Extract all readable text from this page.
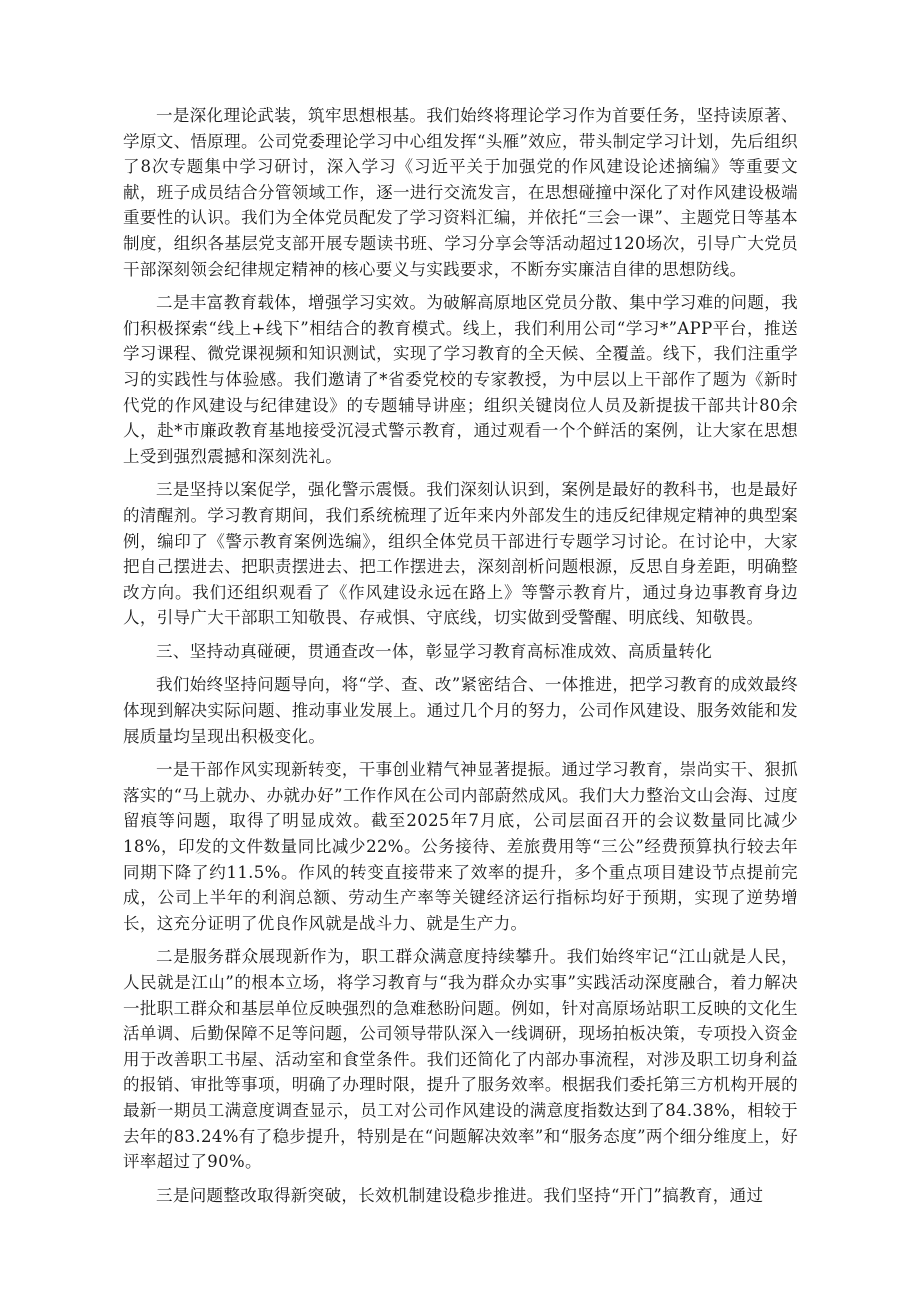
一是深化理论武装，筑牢思想根基。我们始终将理论学习作为首要任务，坚持读原著、学原文、悟原理。公司党委理论学习中心组发挥“头雁”效应，带头制定学习计划，先后组织了8次专题集中学习研讨，深入学习《习近平关于加强党的作风建设论述摘编》等重要文献，班子成员结合分管领域工作，逐一进行交流发言，在思想碰撞中深化了对作风建设极端重要性的认识。我们为全体党员配发了学习资料汇编，并依托“三会一课”、主题党日等基本制度，组织各基层党支部开展专题读书班、学习分享会等活动超过120场次，引导广大党员干部深刻领会纪律规定精神的核心要义与实践要求，不断夯实廉洁自律的思想防线。

二是丰富教育载体，增强学习实效。为破解高原地区党员分散、集中学习难的问题，我们积极探索“线上+线下”相结合的教育模式。线上，我们利用公司“学习*”APP平台，推送学习课程、微党课视频和知识测试，实现了学习教育的全天候、全覆盖。线下，我们注重学习的实践性与体验感。我们邀请了*省委党校的专家教授，为中层以上干部作了题为《新时代党的作风建设与纪律建设》的专题辅导讲座；组织关键岗位人员及新提拔干部共计80余人，赴*市廉政教育基地接受沉浸式警示教育，通过观看一个个鲜活的案例，让大家在思想上受到强烈震撼和深刻洗礼。

三是坚持以案促学，强化警示震慑。我们深刻认识到，案例是最好的教科书，也是最好的清醒剂。学习教育期间，我们系统梳理了近年来内外部发生的违反纪律规定精神的典型案例，编印了《警示教育案例选编》，组织全体党员干部进行专题学习讨论。在讨论中，大家把自己摆进去、把职责摆进去、把工作摆进去，深刻剖析问题根源，反思自身差距，明确整改方向。我们还组织观看了《作风建设永远在路上》等警示教育片，通过身边事教育身边人，引导广大干部职工知敬畏、存戒惧、守底线，切实做到受警醒、明底线、知敬畏。

三、坚持动真碰硬，贯通查改一体，彰显学习教育高标准成效、高质量转化

我们始终坚持问题导向，将“学、查、改”紧密结合、一体推进，把学习教育的成效最终体现到解决实际问题、推动事业发展上。通过几个月的努力，公司作风建设、服务效能和发展质量均呈现出积极变化。

一是干部作风实现新转变，干事创业精气神显著提振。通过学习教育，崇尚实干、狠抓落实的“马上就办、办就办好”工作作风在公司内部蔚然成风。我们大力整治文山会海、过度留痕等问题，取得了明显成效。截至2025年7月底，公司层面召开的会议数量同比减少18%，印发的文件数量同比减少22%。公务接待、差旅费用等“三公”经费预算执行较去年同期下降了约11.5%。作风的转变直接带来了效率的提升，多个重点项目建设节点提前完成，公司上半年的利润总额、劳动生产率等关键经济运行指标均好于预期，实现了逆势增长，这充分证明了优良作风就是战斗力、就是生产力。

二是服务群众展现新作为，职工群众满意度持续攀升。我们始终牢记“江山就是人民，人民就是江山”的根本立场，将学习教育与“我为群众办实事”实践活动深度融合，着力解决一批职工群众和基层单位反映强烈的急难愁盼问题。例如，针对高原场站职工反映的文化生活单调、后勤保障不足等问题，公司领导带队深入一线调研，现场拍板决策，专项投入资金用于改善职工书屋、活动室和食堂条件。我们还简化了内部办事流程，对涉及职工切身利益的报销、审批等事项，明确了办理时限，提升了服务效率。根据我们委托第三方机构开展的最新一期员工满意度调查显示，员工对公司作风建设的满意度指数达到了84.38%，相较于去年的83.24%有了稳步提升，特别是在“问题解决效率”和“服务态度”两个细分维度上，好评率超过了90%。

三是问题整改取得新突破，长效机制建设稳步推进。我们坚持“开门”搞教育，通过
